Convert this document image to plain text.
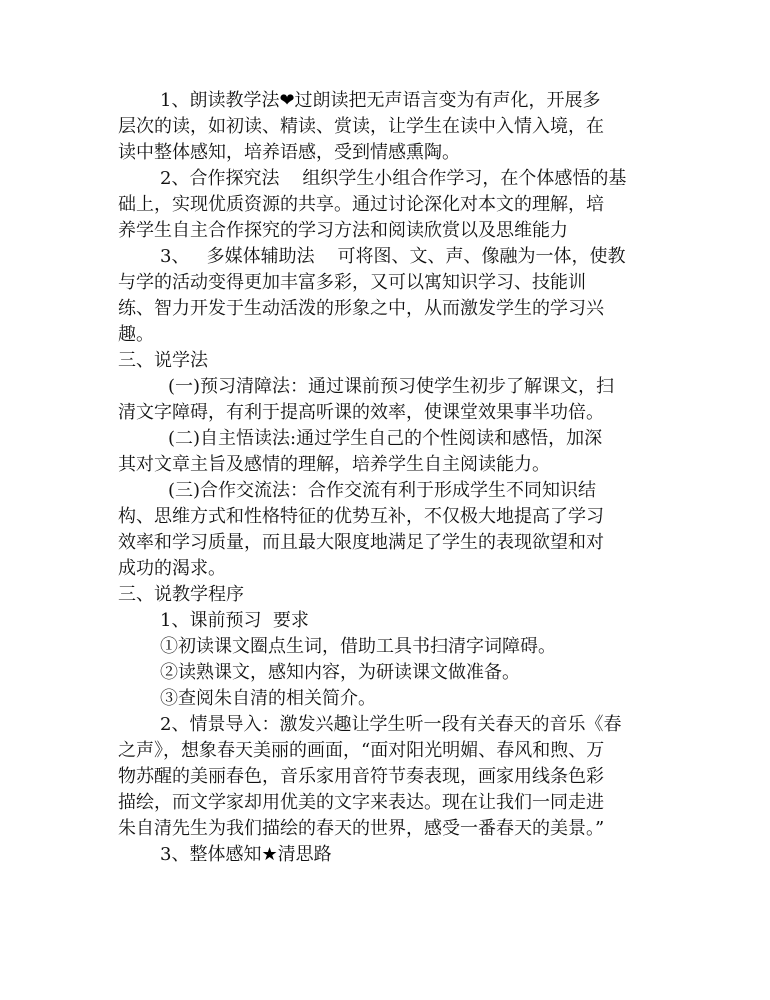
1、朗读教学法❤过朗读把无声语言变为有声化，开展多
层次的读，如初读、精读、赏读，让学生在读中入情入境，在
读中整体感知，培养语感，受到情感熏陶。
2、合作探究法    组织学生小组合作学习，在个体感悟的基
础上，实现优质资源的共享。通过讨论深化对本文的理解，培
养学生自主合作探究的学习方法和阅读欣赏以及思维能力
3、   多媒体辅助法    可将图、文、声、像融为一体，使教
与学的活动变得更加丰富多彩，又可以寓知识学习、技能训
练、智力开发于生动活泼的形象之中，从而激发学生的学习兴
趣。
三、说学法
(一)预习清障法：通过课前预习使学生初步了解课文，扫
清文字障碍，有利于提高听课的效率，使课堂效果事半功倍。
(二)自主悟读法:通过学生自己的个性阅读和感悟，加深
其对文章主旨及感情的理解，培养学生自主阅读能力。
(三)合作交流法：合作交流有利于形成学生不同知识结
构、思维方式和性格特征的优势互补，不仅极大地提高了学习
效率和学习质量，而且最大限度地满足了学生的表现欲望和对
成功的渴求。
三、说教学程序
1、课前预习  要求
①初读课文圈点生词，借助工具书扫清字词障碍。
②读熟课文，感知内容，为研读课文做准备。
③查阅朱自清的相关简介。
2、情景导入：激发兴趣让学生听一段有关春天的音乐《春
之声》，想象春天美丽的画面，“面对阳光明媚、春风和煦、万
物苏醒的美丽春色，音乐家用音符节奏表现，画家用线条色彩
描绘，而文学家却用优美的文字来表达。现在让我们一同走进
朱自清先生为我们描绘的春天的世界，感受一番春天的美景。”
3、整体感知★清思路
